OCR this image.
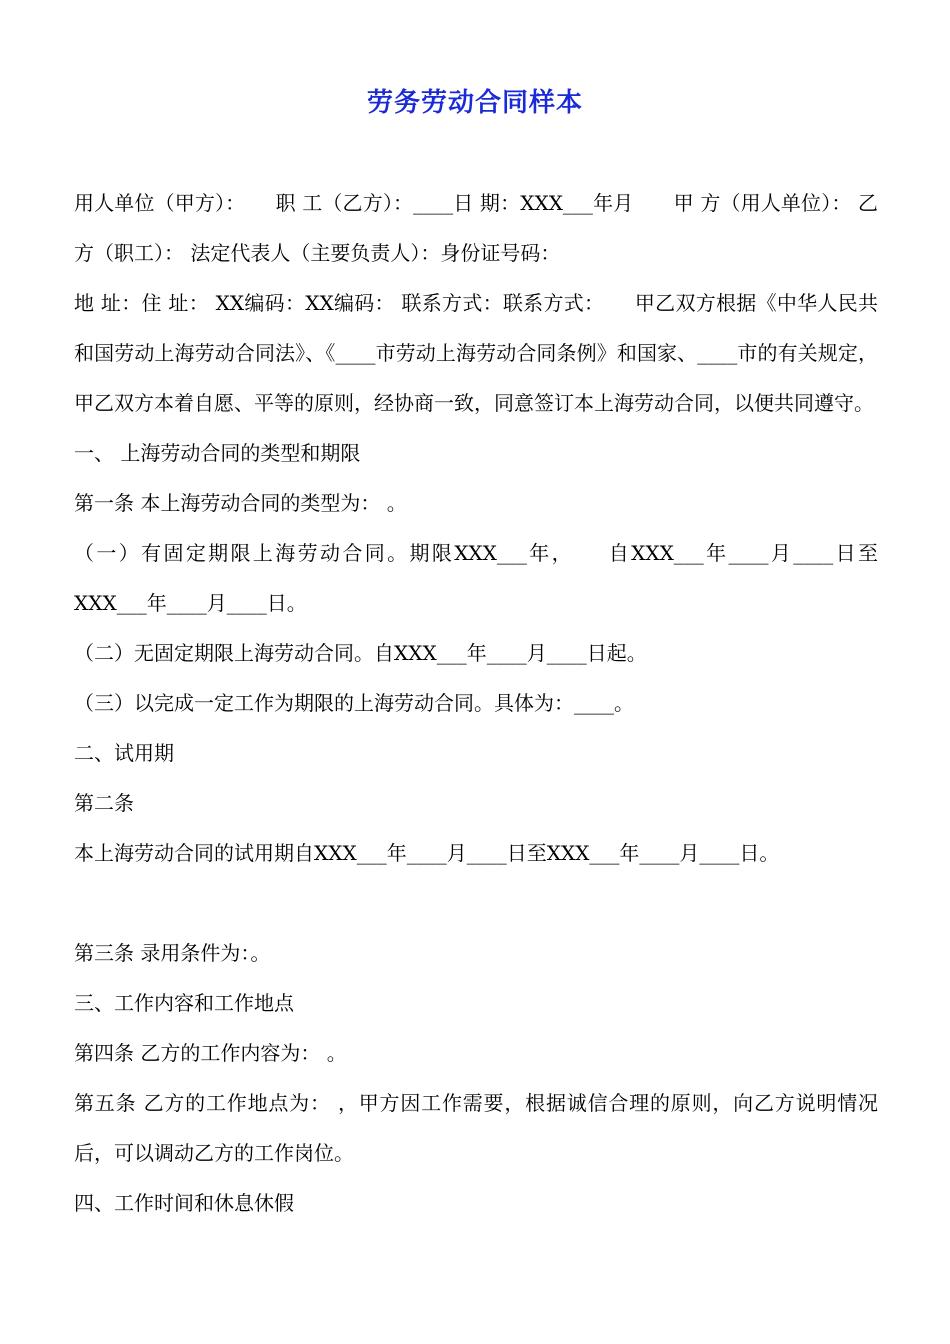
劳务劳动合同样本

用人单位（甲方）：　　职 工（乙方）：____日 期：XXX___年月　　甲 方（用人单位）： 乙方（职工）： 法定代表人（主要负责人）：身份证号码：

地 址：住 址： XX编码：XX编码： 联系方式：联系方式：　　甲乙双方根据《中华人民共和国劳动上海劳动合同法》、《____市劳动上海劳动合同条例》和国家、____市的有关规定，甲乙双方本着自愿、平等的原则，经协商一致，同意签订本上海劳动合同，以便共同遵守。

一、 上海劳动合同的类型和期限

第一条 本上海劳动合同的类型为： 。

（一）有固定期限上海劳动合同。期限XXX___年，　　自XXX___年____月____日至XXX___年____月____日。

（二）无固定期限上海劳动合同。自XXX___年____月____日起。

（三）以完成一定工作为期限的上海劳动合同。具体为：____。

二、试用期

第二条

本上海劳动合同的试用期自XXX___年____月____日至XXX___年____月____日。

第三条 录用条件为：。

三、工作内容和工作地点

第四条 乙方的工作内容为： 。

第五条 乙方的工作地点为： ，甲方因工作需要，根据诚信合理的原则，向乙方说明情况后，可以调动乙方的工作岗位。

四、工作时间和休息休假
